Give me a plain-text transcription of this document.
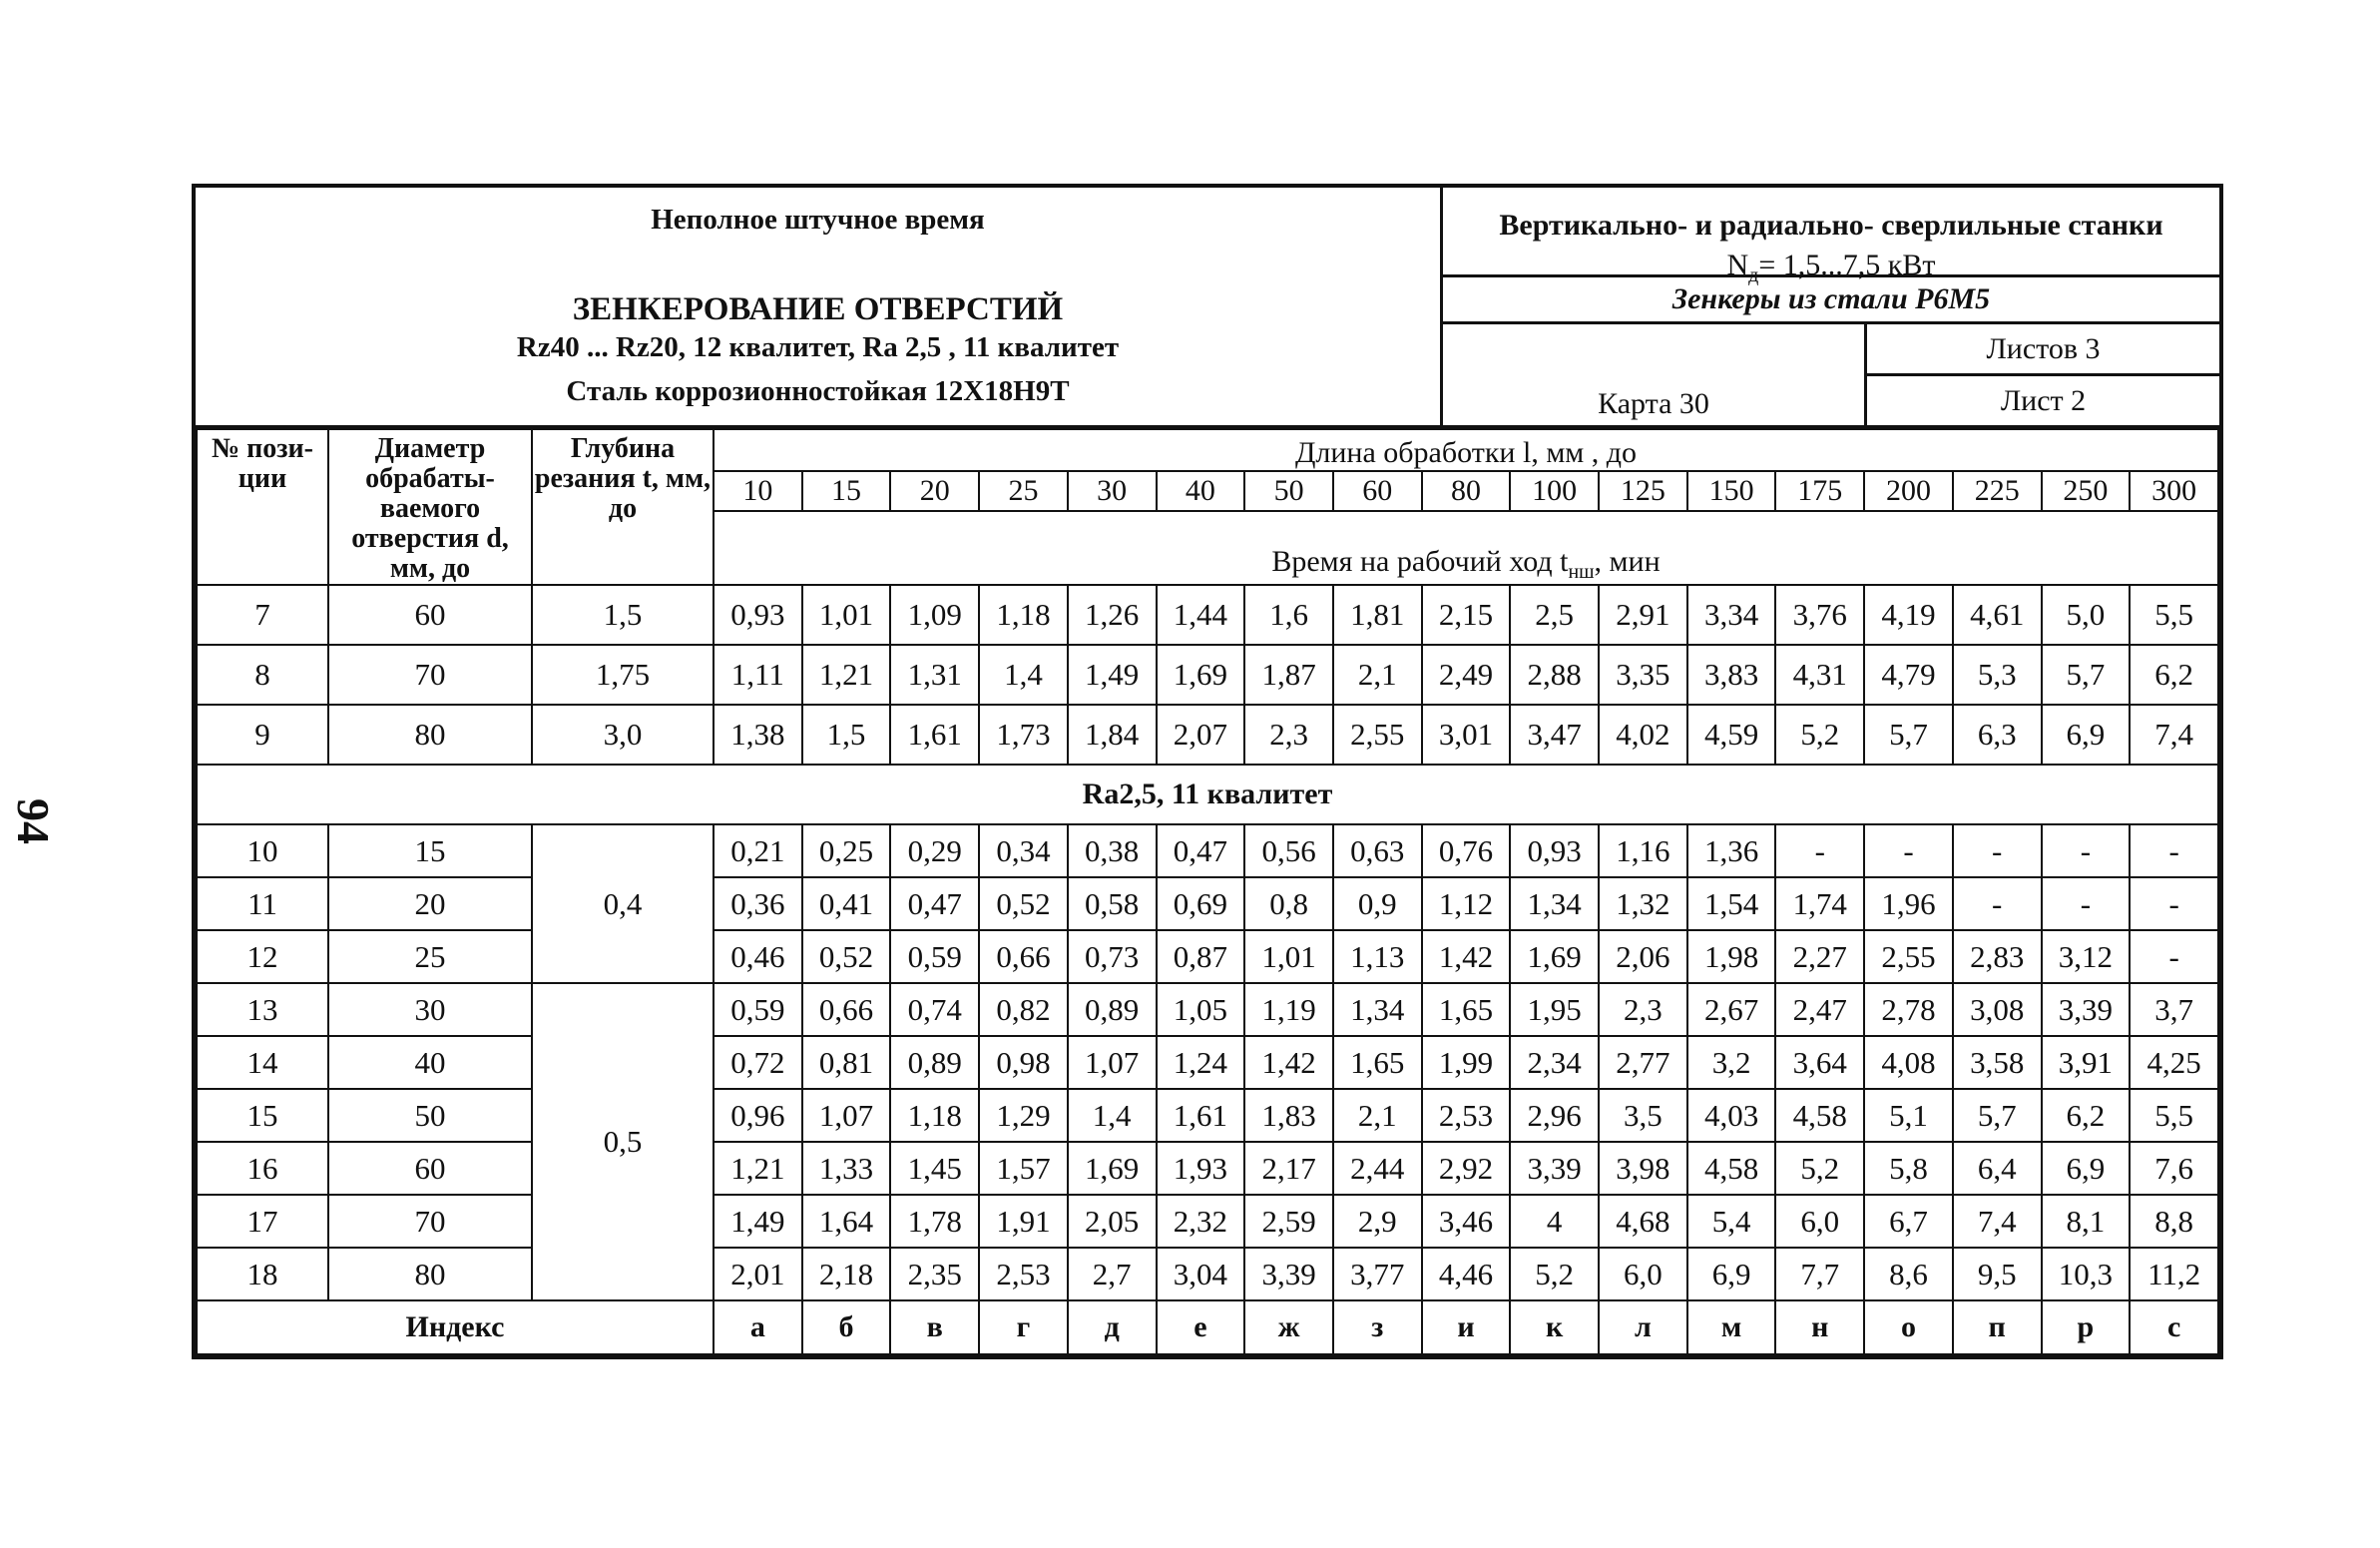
94
Неполное штучное время
ЗЕНКЕРОВАНИЕ ОТВЕРСТИЙ
Rz40 ... Rz20, 12 квалитет, Ra 2,5 , 11 квалитет
Сталь коррозионностойкая 12Х18Н9Т
Вертикально- и радиально- сверлильные станки
$N_д= 1,5...7,5$ кВт
Зенкеры из стали Р6М5
Карта 30
Листов 3
Лист 2
№ пози- ции	Диаметр обрабаты- ваемого отверстия d, мм, до	Глубина резания t, мм, до	Длина обработки l, мм , до																
			10	15	20	25	30	40	50	60	80	100	125	150	175	200	225	250	300
			Время на рабочий ход $t_{нш}$, мин																
7	60	1,5	0,93	1,01	1,09	1,18	1,26	1,44	1,6	1,81	2,15	2,5	2,91	3,34	3,76	4,19	4,61	5,0	5,5
8	70	1,75	1,11	1,21	1,31	1,4	1,49	1,69	1,87	2,1	2,49	2,88	3,35	3,83	4,31	4,79	5,3	5,7	6,2
9	80	3,0	1,38	1,5	1,61	1,73	1,84	2,07	2,3	2,55	3,01	3,47	4,02	4,59	5,2	5,7	6,3	6,9	7,4
Ra2,5, 11 квалитет																			
10	15	0,4	0,21	0,25	0,29	0,34	0,38	0,47	0,56	0,63	0,76	0,93	1,16	1,36	-	-	-	-	-
11	20		0,36	0,41	0,47	0,52	0,58	0,69	0,8	0,9	1,12	1,34	1,32	1,54	1,74	1,96	-	-	-
12	25		0,46	0,52	0,59	0,66	0,73	0,87	1,01	1,13	1,42	1,69	2,06	1,98	2,27	2,55	2,83	3,12	-
13	30	0,5	0,59	0,66	0,74	0,82	0,89	1,05	1,19	1,34	1,65	1,95	2,3	2,67	2,47	2,78	3,08	3,39	3,7
14	40		0,72	0,81	0,89	0,98	1,07	1,24	1,42	1,65	1,99	2,34	2,77	3,2	3,64	4,08	3,58	3,91	4,25
15	50		0,96	1,07	1,18	1,29	1,4	1,61	1,83	2,1	2,53	2,96	3,5	4,03	4,58	5,1	5,7	6,2	5,5
16	60		1,21	1,33	1,45	1,57	1,69	1,93	2,17	2,44	2,92	3,39	3,98	4,58	5,2	5,8	6,4	6,9	7,6
17	70		1,49	1,64	1,78	1,91	2,05	2,32	2,59	2,9	3,46	4	4,68	5,4	6,0	6,7	7,4	8,1	8,8
18	80		2,01	2,18	2,35	2,53	2,7	3,04	3,39	3,77	4,46	5,2	6,0	6,9	7,7	8,6	9,5	10,3	11,2
Индекс			а	б	в	г	д	е	ж	з	и	к	л	м	н	о	п	р	с
